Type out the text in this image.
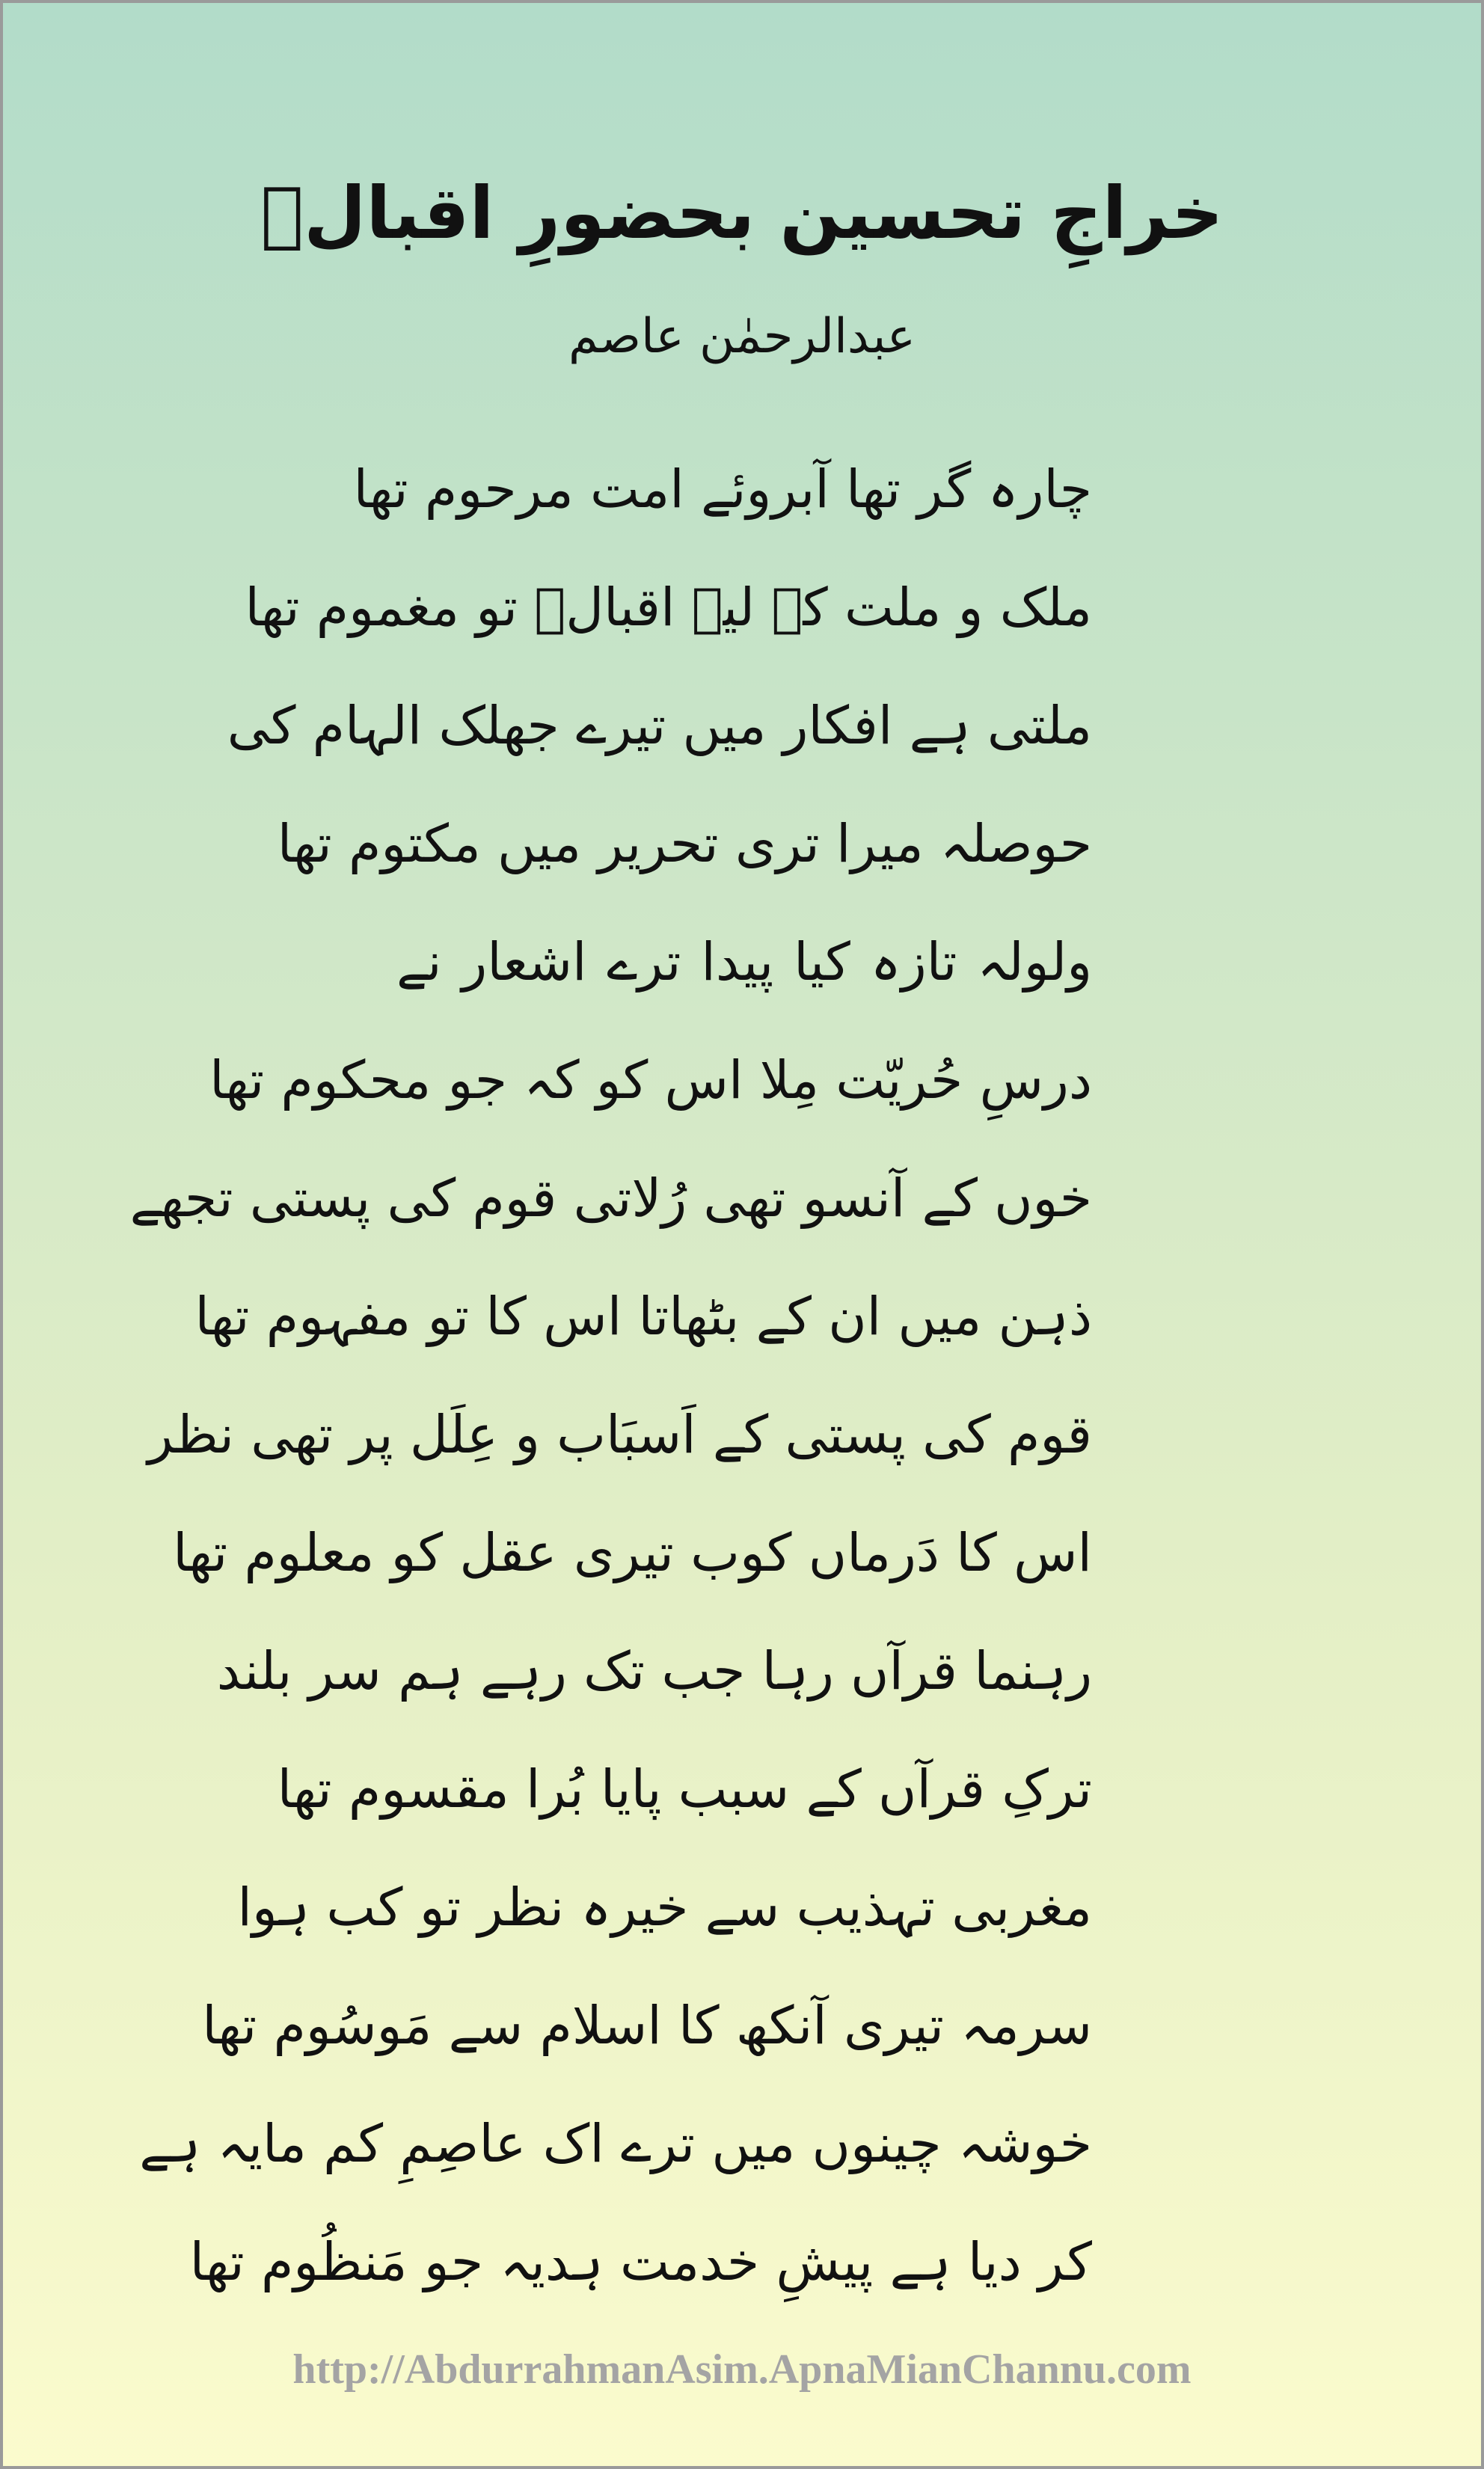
خراجِ تحسین بحضورِ اقبالؒ
عبدالرحمٰن عاصم
چارہ گر تھا آبروئے امت مرحوم تھا
ملک و ملت کے لیے اقبالؒ تو مغموم تھا
ملتی ہے افکار میں تیرے جھلک الہام کی
حوصلہ میرا تری تحریر میں مکتوم تھا
ولولہ تازہ کیا پیدا ترے اشعار نے
درسِ حُریّت مِلا اس کو کہ جو محکوم تھا
خوں کے آنسو تھی رُلاتی قوم کی پستی تجھے
ذہن میں ان کے بٹھاتا اس کا تو مفہوم تھا
قوم کی پستی کے اَسبَاب و عِلَل پر تھی نظر
اس کا دَرماں کوب تیری عقل کو معلوم تھا
رہنما قرآں رہا جب تک رہے ہم سر بلند
ترکِ قرآں کے سبب پایا بُرا مقسوم تھا
مغربی تہذیب سے خیرہ نظر تو کب ہوا
سرمہ تیری آنکھ کا اسلام سے مَوسُوم تھا
خوشہ چینوں میں ترے اک عاصِمِ کم مایہ ہے
کر دیا ہے پیشِ خدمت ہدیہ جو مَنظُوم تھا
http://AbdurrahmanAsim.ApnaMianChannu.com
